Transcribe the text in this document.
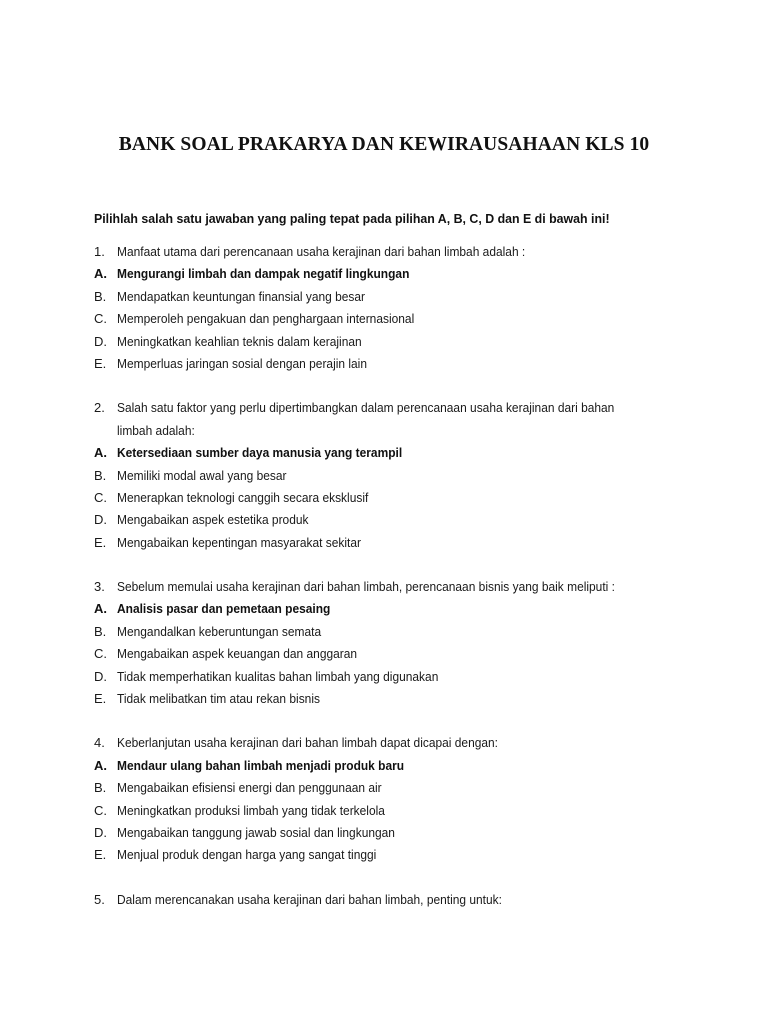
BANK SOAL PRAKARYA DAN KEWIRAUSAHAAN KLS 10
Pilihlah salah satu jawaban yang paling tepat pada pilihan A, B, C, D dan E di bawah ini!
1. Manfaat utama dari perencanaan usaha kerajinan dari bahan limbah adalah :
A. Mengurangi limbah dan dampak negatif lingkungan
B. Mendapatkan keuntungan finansial yang besar
C. Memperoleh pengakuan dan penghargaan internasional
D. Meningkatkan keahlian teknis dalam kerajinan
E. Memperluas jaringan sosial dengan perajin lain
2. Salah satu faktor yang perlu dipertimbangkan dalam perencanaan usaha kerajinan dari bahan
limbah adalah:
A. Ketersediaan sumber daya manusia yang terampil
B. Memiliki modal awal yang besar
C. Menerapkan teknologi canggih secara eksklusif
D. Mengabaikan aspek estetika produk
E. Mengabaikan kepentingan masyarakat sekitar
3. Sebelum memulai usaha kerajinan dari bahan limbah, perencanaan bisnis yang baik meliputi :
A. Analisis pasar dan pemetaan pesaing
B. Mengandalkan keberuntungan semata
C. Mengabaikan aspek keuangan dan anggaran
D. Tidak memperhatikan kualitas bahan limbah yang digunakan
E. Tidak melibatkan tim atau rekan bisnis
4. Keberlanjutan usaha kerajinan dari bahan limbah dapat dicapai dengan:
A. Mendaur ulang bahan limbah menjadi produk baru
B. Mengabaikan efisiensi energi dan penggunaan air
C. Meningkatkan produksi limbah yang tidak terkelola
D. Mengabaikan tanggung jawab sosial dan lingkungan
E. Menjual produk dengan harga yang sangat tinggi
5. Dalam merencanakan usaha kerajinan dari bahan limbah, penting untuk:
